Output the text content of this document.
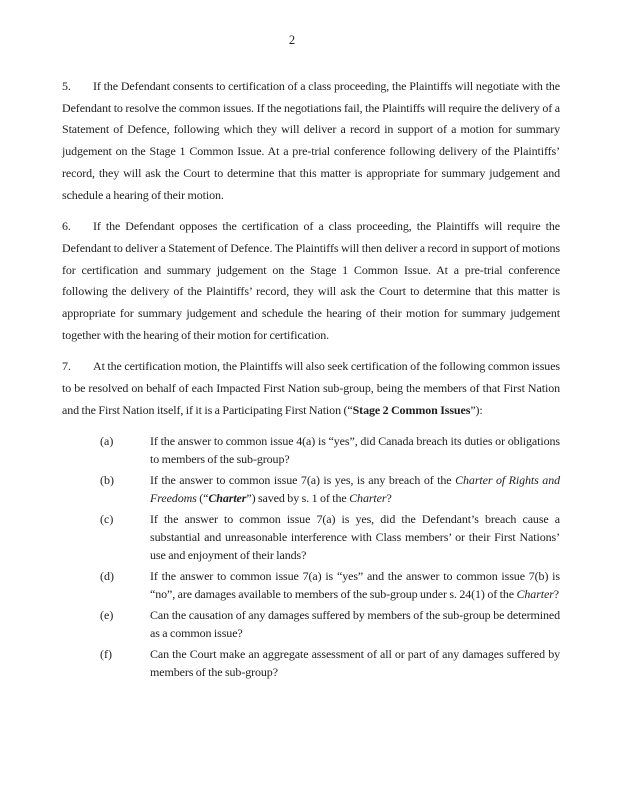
2

5. If the Defendant consents to certification of a class proceeding, the Plaintiffs will negotiate with the Defendant to resolve the common issues. If the negotiations fail, the Plaintiffs will require the delivery of a Statement of Defence, following which they will deliver a record in support of a motion for summary judgement on the Stage 1 Common Issue. At a pre-trial conference following delivery of the Plaintiffs’ record, they will ask the Court to determine that this matter is appropriate for summary judgement and schedule a hearing of their motion.

6. If the Defendant opposes the certification of a class proceeding, the Plaintiffs will require the Defendant to deliver a Statement of Defence. The Plaintiffs will then deliver a record in support of motions for certification and summary judgement on the Stage 1 Common Issue. At a pre-trial conference following the delivery of the Plaintiffs’ record, they will ask the Court to determine that this matter is appropriate for summary judgement and schedule the hearing of their motion for summary judgement together with the hearing of their motion for certification.

7. At the certification motion, the Plaintiffs will also seek certification of the following common issues to be resolved on behalf of each Impacted First Nation sub-group, being the members of that First Nation and the First Nation itself, if it is a Participating First Nation (“Stage 2 Common Issues”):

(a)	If the answer to common issue 4(a) is “yes”, did Canada breach its duties or obligations to members of the sub-group?
(b)	If the answer to common issue 7(a) is yes, is any breach of the Charter of Rights and Freedoms (“Charter”) saved by s. 1 of the Charter?
(c)	If the answer to common issue 7(a) is yes, did the Defendant’s breach cause a substantial and unreasonable interference with Class members’ or their First Nations’ use and enjoyment of their lands?
(d)	If the answer to common issue 7(a) is “yes” and the answer to common issue 7(b) is “no”, are damages available to members of the sub-group under s. 24(1) of the Charter?
(e)	Can the causation of any damages suffered by members of the sub-group be determined as a common issue?
(f)	Can the Court make an aggregate assessment of all or part of any damages suffered by members of the sub-group?
